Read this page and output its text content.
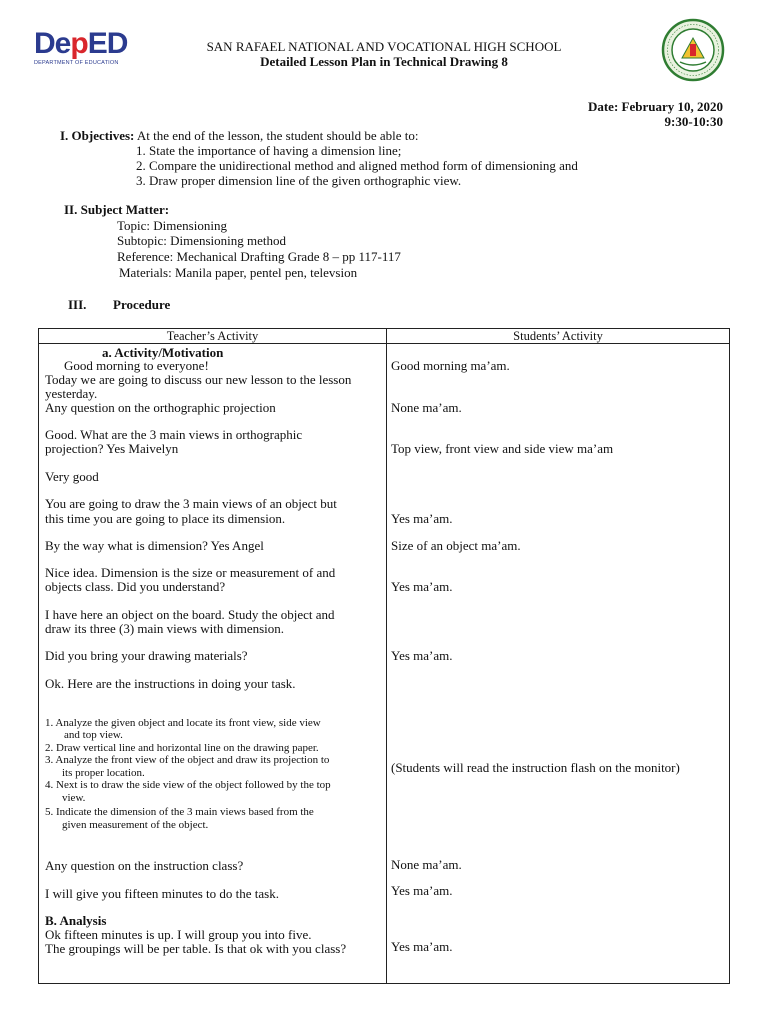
DepED
DEPARTMENT OF EDUCATION
SAN RAFAEL NATIONAL AND VOCATIONAL HIGH SCHOOL
Detailed Lesson Plan in Technical Drawing 8
Date: February 10, 2020
9:30-10:30
I. Objectives: At the end of the lesson, the student should be able to:
1. State the importance of having a dimension line;
2. Compare the unidirectional method and aligned method form of dimensioning and
3. Draw proper dimension line of the given orthographic view.
II. Subject Matter:
Topic: Dimensioning
Subtopic: Dimensioning method
Reference: Mechanical Drafting Grade 8 – pp 117-117
Materials: Manila paper, pentel pen, televsion
III. Procedure
Teacher’s Activity	Students’ Activity
a. Activity/Motivation
Good morning to everyone!
Today we are going to discuss our new lesson to the lesson
yesterday.
Any question on the orthographic projection
Good. What are the 3 main views in orthographic
projection? Yes Maivelyn
Very good
You are going to draw the 3 main views of an object but
this time you are going to place its dimension.
By the way what is dimension? Yes Angel
Nice idea. Dimension is the size or measurement of and
objects class. Did you understand?
I have here an object on the board. Study the object and
draw its three (3) main views with dimension.
Did you bring your drawing materials?
Ok. Here are the instructions in doing your task.
1. Analyze the given object and locate its front view, side view
and top view.
2. Draw vertical line and horizontal line on the drawing paper.
3. Analyze the front view of the object and draw its projection to
its proper location.
4. Next is to draw the side view of the object followed by the top
view.
5. Indicate the dimension of the 3 main views based from the
given measurement of the object.
Any question on the instruction class?
I will give you fifteen minutes to do the task.
B. Analysis
Ok fifteen minutes is up. I will group you into five.
The groupings will be per table. Is that ok with you class?
Good morning ma’am.
None ma’am.
Top view, front view and side view ma’am
Yes ma’am.
Size of an object ma’am.
Yes ma’am.
Yes ma’am.
(Students will read the instruction flash on the monitor)
None ma’am.
Yes ma’am.
Yes ma’am.
